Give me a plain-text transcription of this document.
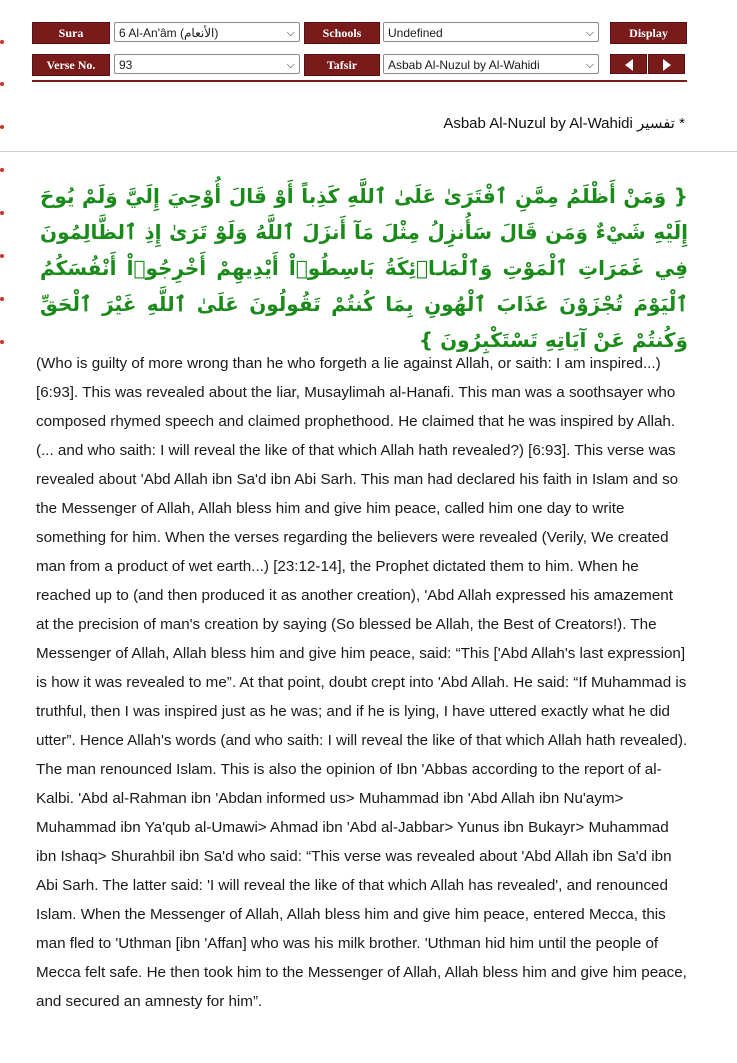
Sura	6 Al-An'âm (الأنعام)	⌵	Schools	Undefined	⌵	Display
Verse No.	93	⌵	Tafsir	Asbab Al-Nuzul by Al-Wahidi	⌵
Asbab Al-Nuzul by Al-Wahidi تفسير *
{ وَمَنْ أَظْلَمُ مِمَّنِ ٱفْتَرَىٰ عَلَىٰ ٱللَّهِ كَذِباً أَوْ قَالَ أُوْحِيَ إِلَيَّ وَلَمْ يُوحَ إِلَيْهِ شَيْءٌ وَمَن قَالَ سَأُنزِلُ مِثْلَ مَآ أَنزَلَ ٱللَّهُ وَلَوْ تَرَىٰ إِذِ ٱلظَّالِمُونَ فِي غَمَرَاتِ ٱلْمَوْتِ وَٱلْمَلاۤئِكَةُ بَاسِطُوۤاْ أَيْدِيهِمْ أَخْرِجُوۤاْ أَنْفُسَكُمُ ٱلْيَوْمَ تُجْزَوْنَ عَذَابَ ٱلْهُونِ بِمَا كُنتُمْ تَقُولُونَ عَلَىٰ ٱللَّهِ غَيْرَ ٱلْحَقِّ وَكُنتُمْ عَنْ آيَاتِهِ تَسْتَكْبِرُونَ }
(Who is guilty of more wrong than he who forgeth a lie against Allah, or saith: I am inspired...) [6:93]. This was revealed about the liar, Musaylimah al-Hanafi. This man was a soothsayer who composed rhymed speech and claimed prophethood. He claimed that he was inspired by Allah. (... and who saith: I will reveal the like of that which Allah hath revealed?) [6:93]. This verse was revealed about 'Abd Allah ibn Sa'd ibn Abi Sarh. This man had declared his faith in Islam and so the Messenger of Allah, Allah bless him and give him peace, called him one day to write something for him. When the verses regarding the believers were revealed (Verily, We created man from a product of wet earth...) [23:12-14], the Prophet dictated them to him. When he reached up to (and then produced it as another creation), 'Abd Allah expressed his amazement at the precision of man's creation by saying (So blessed be Allah, the Best of Creators!). The Messenger of Allah, Allah bless him and give him peace, said: “This ['Abd Allah's last expression] is how it was revealed to me”. At that point, doubt crept into 'Abd Allah. He said: “If Muhammad is truthful, then I was inspired just as he was; and if he is lying, I have uttered exactly what he did utter”. Hence Allah's words (and who saith: I will reveal the like of that which Allah hath revealed). The man renounced Islam. This is also the opinion of Ibn 'Abbas according to the report of al-Kalbi. 'Abd al-Rahman ibn 'Abdan informed us> Muhammad ibn 'Abd Allah ibn Nu'aym> Muhammad ibn Ya'qub al-Umawi> Ahmad ibn 'Abd al-Jabbar> Yunus ibn Bukayr> Muhammad ibn Ishaq> Shurahbil ibn Sa'd who said: “This verse was revealed about 'Abd Allah ibn Sa'd ibn Abi Sarh. The latter said: 'I will reveal the like of that which Allah has revealed', and renounced Islam. When the Messenger of Allah, Allah bless him and give him peace, entered Mecca, this man fled to 'Uthman [ibn 'Affan] who was his milk brother. 'Uthman hid him until the people of Mecca felt safe. He then took him to the Messenger of Allah, Allah bless him and give him peace, and secured an amnesty for him”.
